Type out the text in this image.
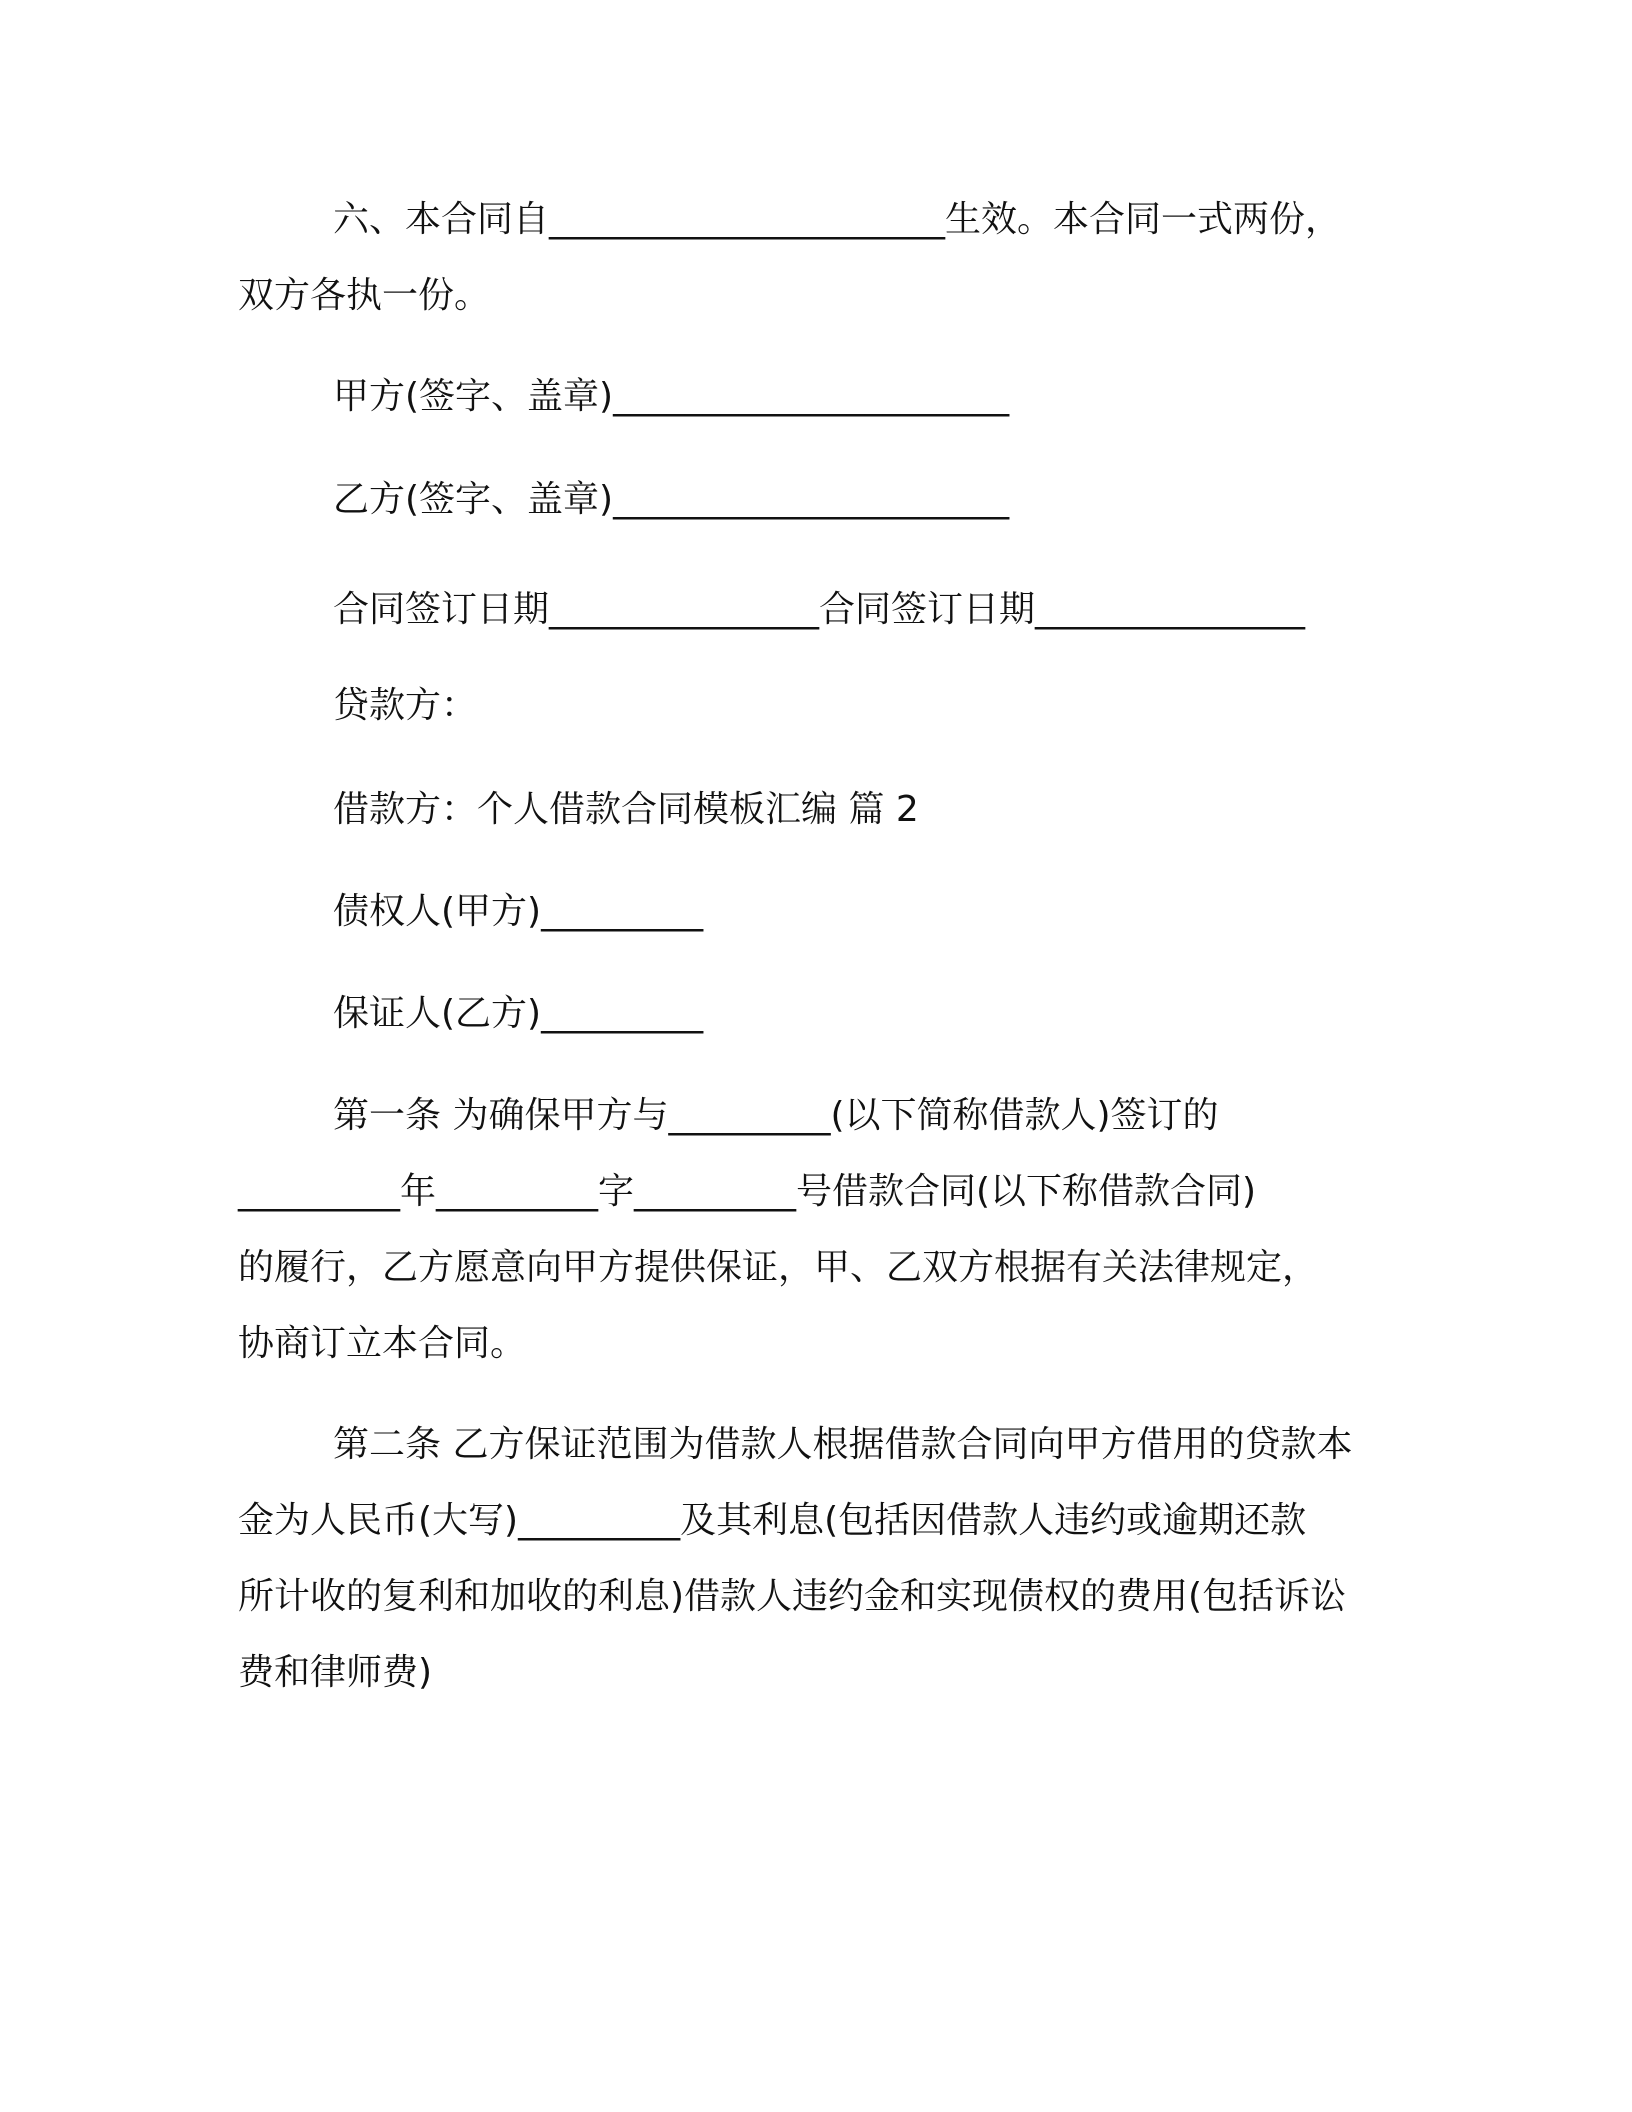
六、本合同自______________________生效。本合同一式两份，
双方各执一份。
甲方(签字、盖章)______________________
乙方(签字、盖章)______________________
合同签订日期_______________合同签订日期_______________
贷款方：
借款方：个人借款合同模板汇编 篇 2
债权人(甲方)_________
保证人(乙方)_________
第一条 为确保甲方与_________(以下简称借款人)签订的
_________年_________字_________号借款合同(以下称借款合同)
的履行，乙方愿意向甲方提供保证，甲、乙双方根据有关法律规定，
协商订立本合同。
第二条 乙方保证范围为借款人根据借款合同向甲方借用的贷款本
金为人民币(大写)_________及其利息(包括因借款人违约或逾期还款
所计收的复利和加收的利息)借款人违约金和实现债权的费用(包括诉讼
费和律师费)
